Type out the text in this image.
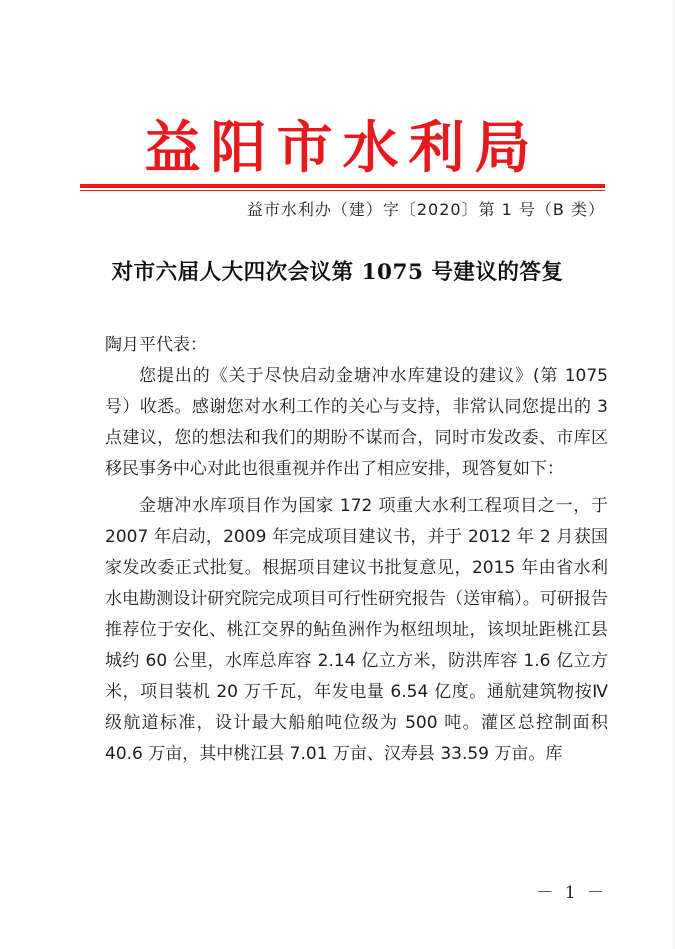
益阳市水利局
益市水利办（建）字〔2020〕第 1 号（B 类）
对市六届人大四次会议第 1075 号建议的答复

陶月平代表：

您提出的《关于尽快启动金塘冲水库建设的建议》(第 1075 号）收悉。感谢您对水利工作的关心与支持，非常认同您提出的 3 点建议，您的想法和我们的期盼不谋而合，同时市发改委、市库区移民事务中心对此也很重视并作出了相应安排，现答复如下：

金塘冲水库项目作为国家 172 项重大水利工程项目之一，于 2007 年启动，2009 年完成项目建议书，并于 2012 年 2 月获国家发改委正式批复。根据项目建议书批复意见，2015 年由省水利水电勘测设计研究院完成项目可行性研究报告（送审稿）。可研报告推荐位于安化、桃江交界的鲇鱼洲作为枢纽坝址，该坝址距桃江县城约 60 公里，水库总库容 2.14 亿立方米，防洪库容 1.6 亿立方米，项目装机 20 万千瓦，年发电量 6.54 亿度。通航建筑物按Ⅳ级航道标准，设计最大船舶吨位级为 500 吨。灌区总控制面积 40.6 万亩，其中桃江县 7.01 万亩、汉寿县 33.59 万亩。库

－ 1 －
